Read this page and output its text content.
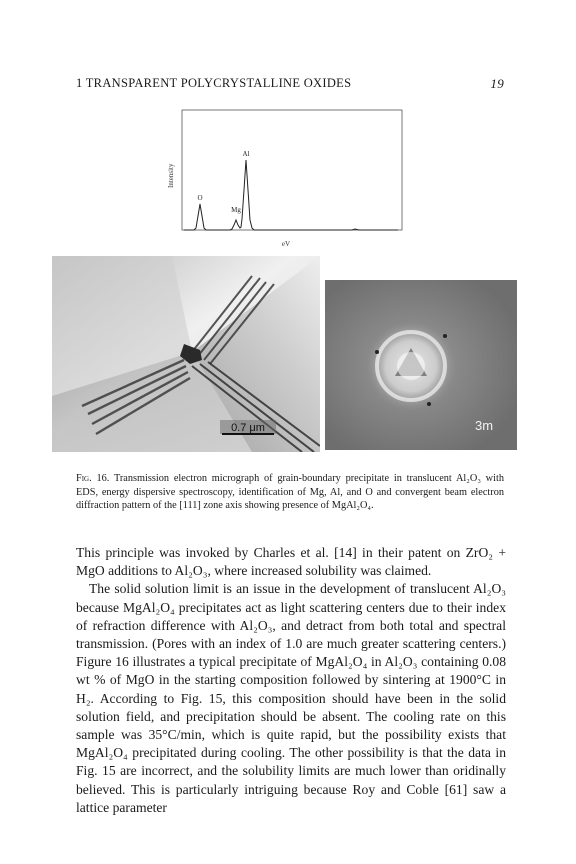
1 TRANSPARENT POLYCRYSTALLINE OXIDES	19
Intensity
O
Mg
Al
eV
0.7 μm	3m
Fig. 16. Transmission electron micrograph of grain-boundary precipitate in translucent Al₂O₃ with EDS, energy dispersive spectroscopy, identification of Mg, Al, and O and convergent beam electron diffraction pattern of the [111] zone axis showing presence of MgAl₂O₄.

This principle was invoked by Charles et al. [14] in their patent on ZrO₂ + MgO additions to Al₂O₃, where increased solubility was claimed.

The solid solution limit is an issue in the development of translucent Al₂O₃ because MgAl₂O₄ precipitates act as light scattering centers due to their index of refraction difference with Al₂O₃, and detract from both total and spectral transmission. (Pores with an index of 1.0 are much greater scattering centers.) Figure 16 illustrates a typical precipitate of MgAl₂O₄ in Al₂O₃ containing 0.08 wt % of MgO in the starting composition followed by sintering at 1900°C in H₂. According to Fig. 15, this composition should have been in the solid solution field, and precipitation should be absent. The cooling rate on this sample was 35°C/min, which is quite rapid, but the possibility exists that MgAl₂O₄ precipitated during cooling. The other possibility is that the data in Fig. 15 are incorrect, and the solubility limits are much lower than oridinally believed. This is particularly intriguing because Roy and Coble [61] saw a lattice parameter
